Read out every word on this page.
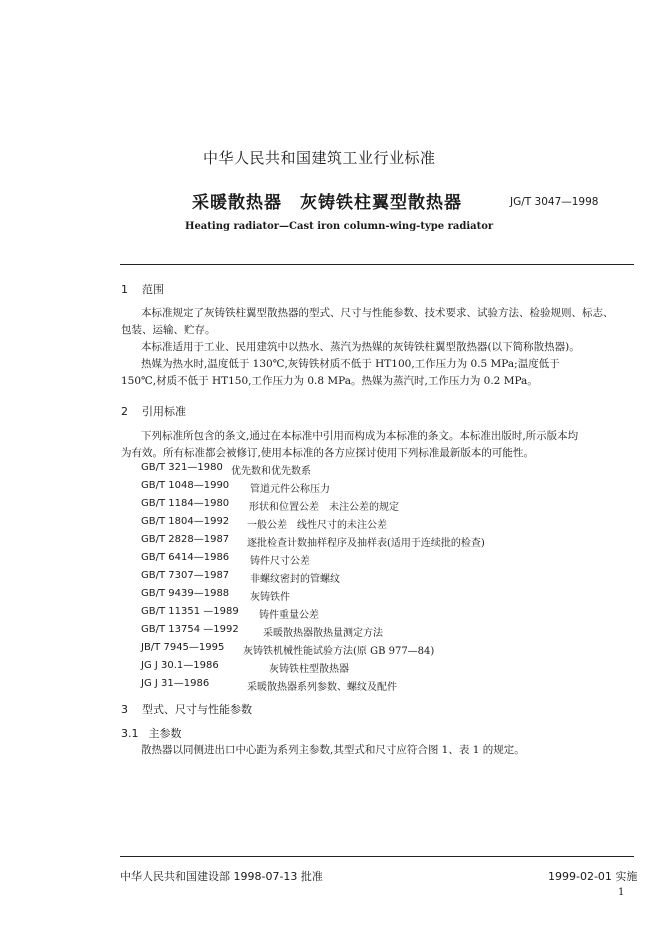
中华人民共和国建筑工业行业标准
采暖散热器　灰铸铁柱翼型散热器	JG/T 3047—1998
Heating radiator—Cast iron column-wing-type radiator
1 范围
本标准规定了灰铸铁柱翼型散热器的型式、尺寸与性能参数、技术要求、试验方法、检验规则、标志、
包装、运输、贮存。
本标准适用于工业、民用建筑中以热水、蒸汽为热媒的灰铸铁柱翼型散热器(以下简称散热器)。
热媒为热水时,温度低于 130℃,灰铸铁材质不低于 HT100,工作压力为 0.5 MPa;温度低于
150℃,材质不低于 HT150,工作压力为 0.8 MPa。热媒为蒸汽时,工作压力为 0.2 MPa。
2 引用标准
下列标准所包含的条文,通过在本标准中引用而构成为本标准的条文。本标准出版时,所示版本均
为有效。所有标准都会被修订,使用本标准的各方应探讨使用下列标准最新版本的可能性。
GB/T 321—1980 优先数和优先数系
GB/T 1048—1990 管道元件公称压力
GB/T 1184—1980 形状和位置公差　未注公差的规定
GB/T 1804—1992 一般公差　线性尺寸的未注公差
GB/T 2828—1987 逐批检查计数抽样程序及抽样表(适用于连续批的检查)
GB/T 6414—1986 铸件尺寸公差
GB/T 7307—1987 非螺纹密封的管螺纹
GB/T 9439—1988 灰铸铁件
GB/T 11351 —1989 铸件重量公差
GB/T 13754 —1992 采暖散热器散热量测定方法
JB/T 7945—1995 灰铸铁机械性能试验方法(原 GB 977—84)
JG J 30.1—1986	灰铸铁柱型散热器
JG J 31—1986	采暖散热器系列参数、螺纹及配件
3 型式、尺寸与性能参数
3.1 主参数
散热器以同侧进出口中心距为系列主参数,其型式和尺寸应符合图 1、表 1 的规定。
中华人民共和国建设部 1998-07-13 批准	1999-02-01 实施
1
